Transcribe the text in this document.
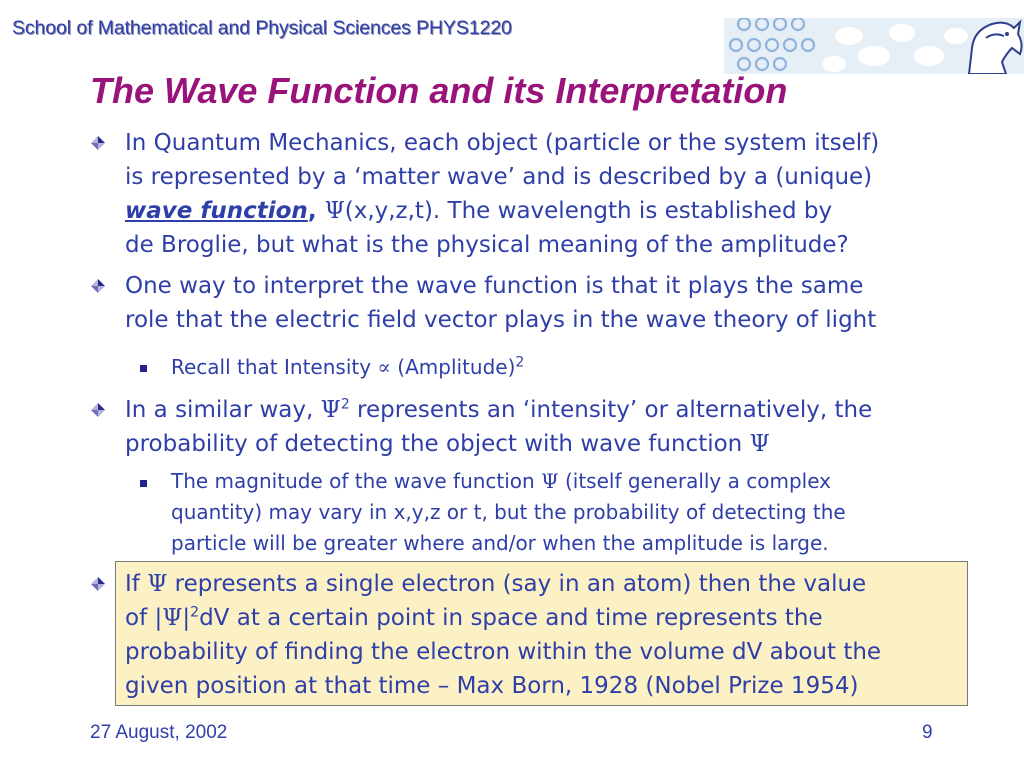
School of Mathematical and Physical Sciences PHYS1220
The Wave Function and its Interpretation
In Quantum Mechanics, each object (particle or the system itself)
is represented by a ‘matter wave’ and is described by a (unique)
wave function, Ψ(x,y,z,t). The wavelength is established by
de Broglie, but what is the physical meaning of the amplitude?
One way to interpret the wave function is that it plays the same
role that the electric field vector plays in the wave theory of light
Recall that Intensity ∝ (Amplitude)$^2$
In a similar way, $\Psi^2$ represents an ‘intensity’ or alternatively, the
probability of detecting the object with wave function Ψ
The magnitude of the wave function Ψ (itself generally a complex
quantity) may vary in x,y,z or t, but the probability of detecting the
particle will be greater where and/or when the amplitude is large.
If Ψ represents a single electron (say in an atom) then the value
of $|\Psi|^2dV$ at a certain point in space and time represents the
probability of finding the electron within the volume dV about the
given position at that time – Max Born, 1928 (Nobel Prize 1954)
27 August, 2002	9
